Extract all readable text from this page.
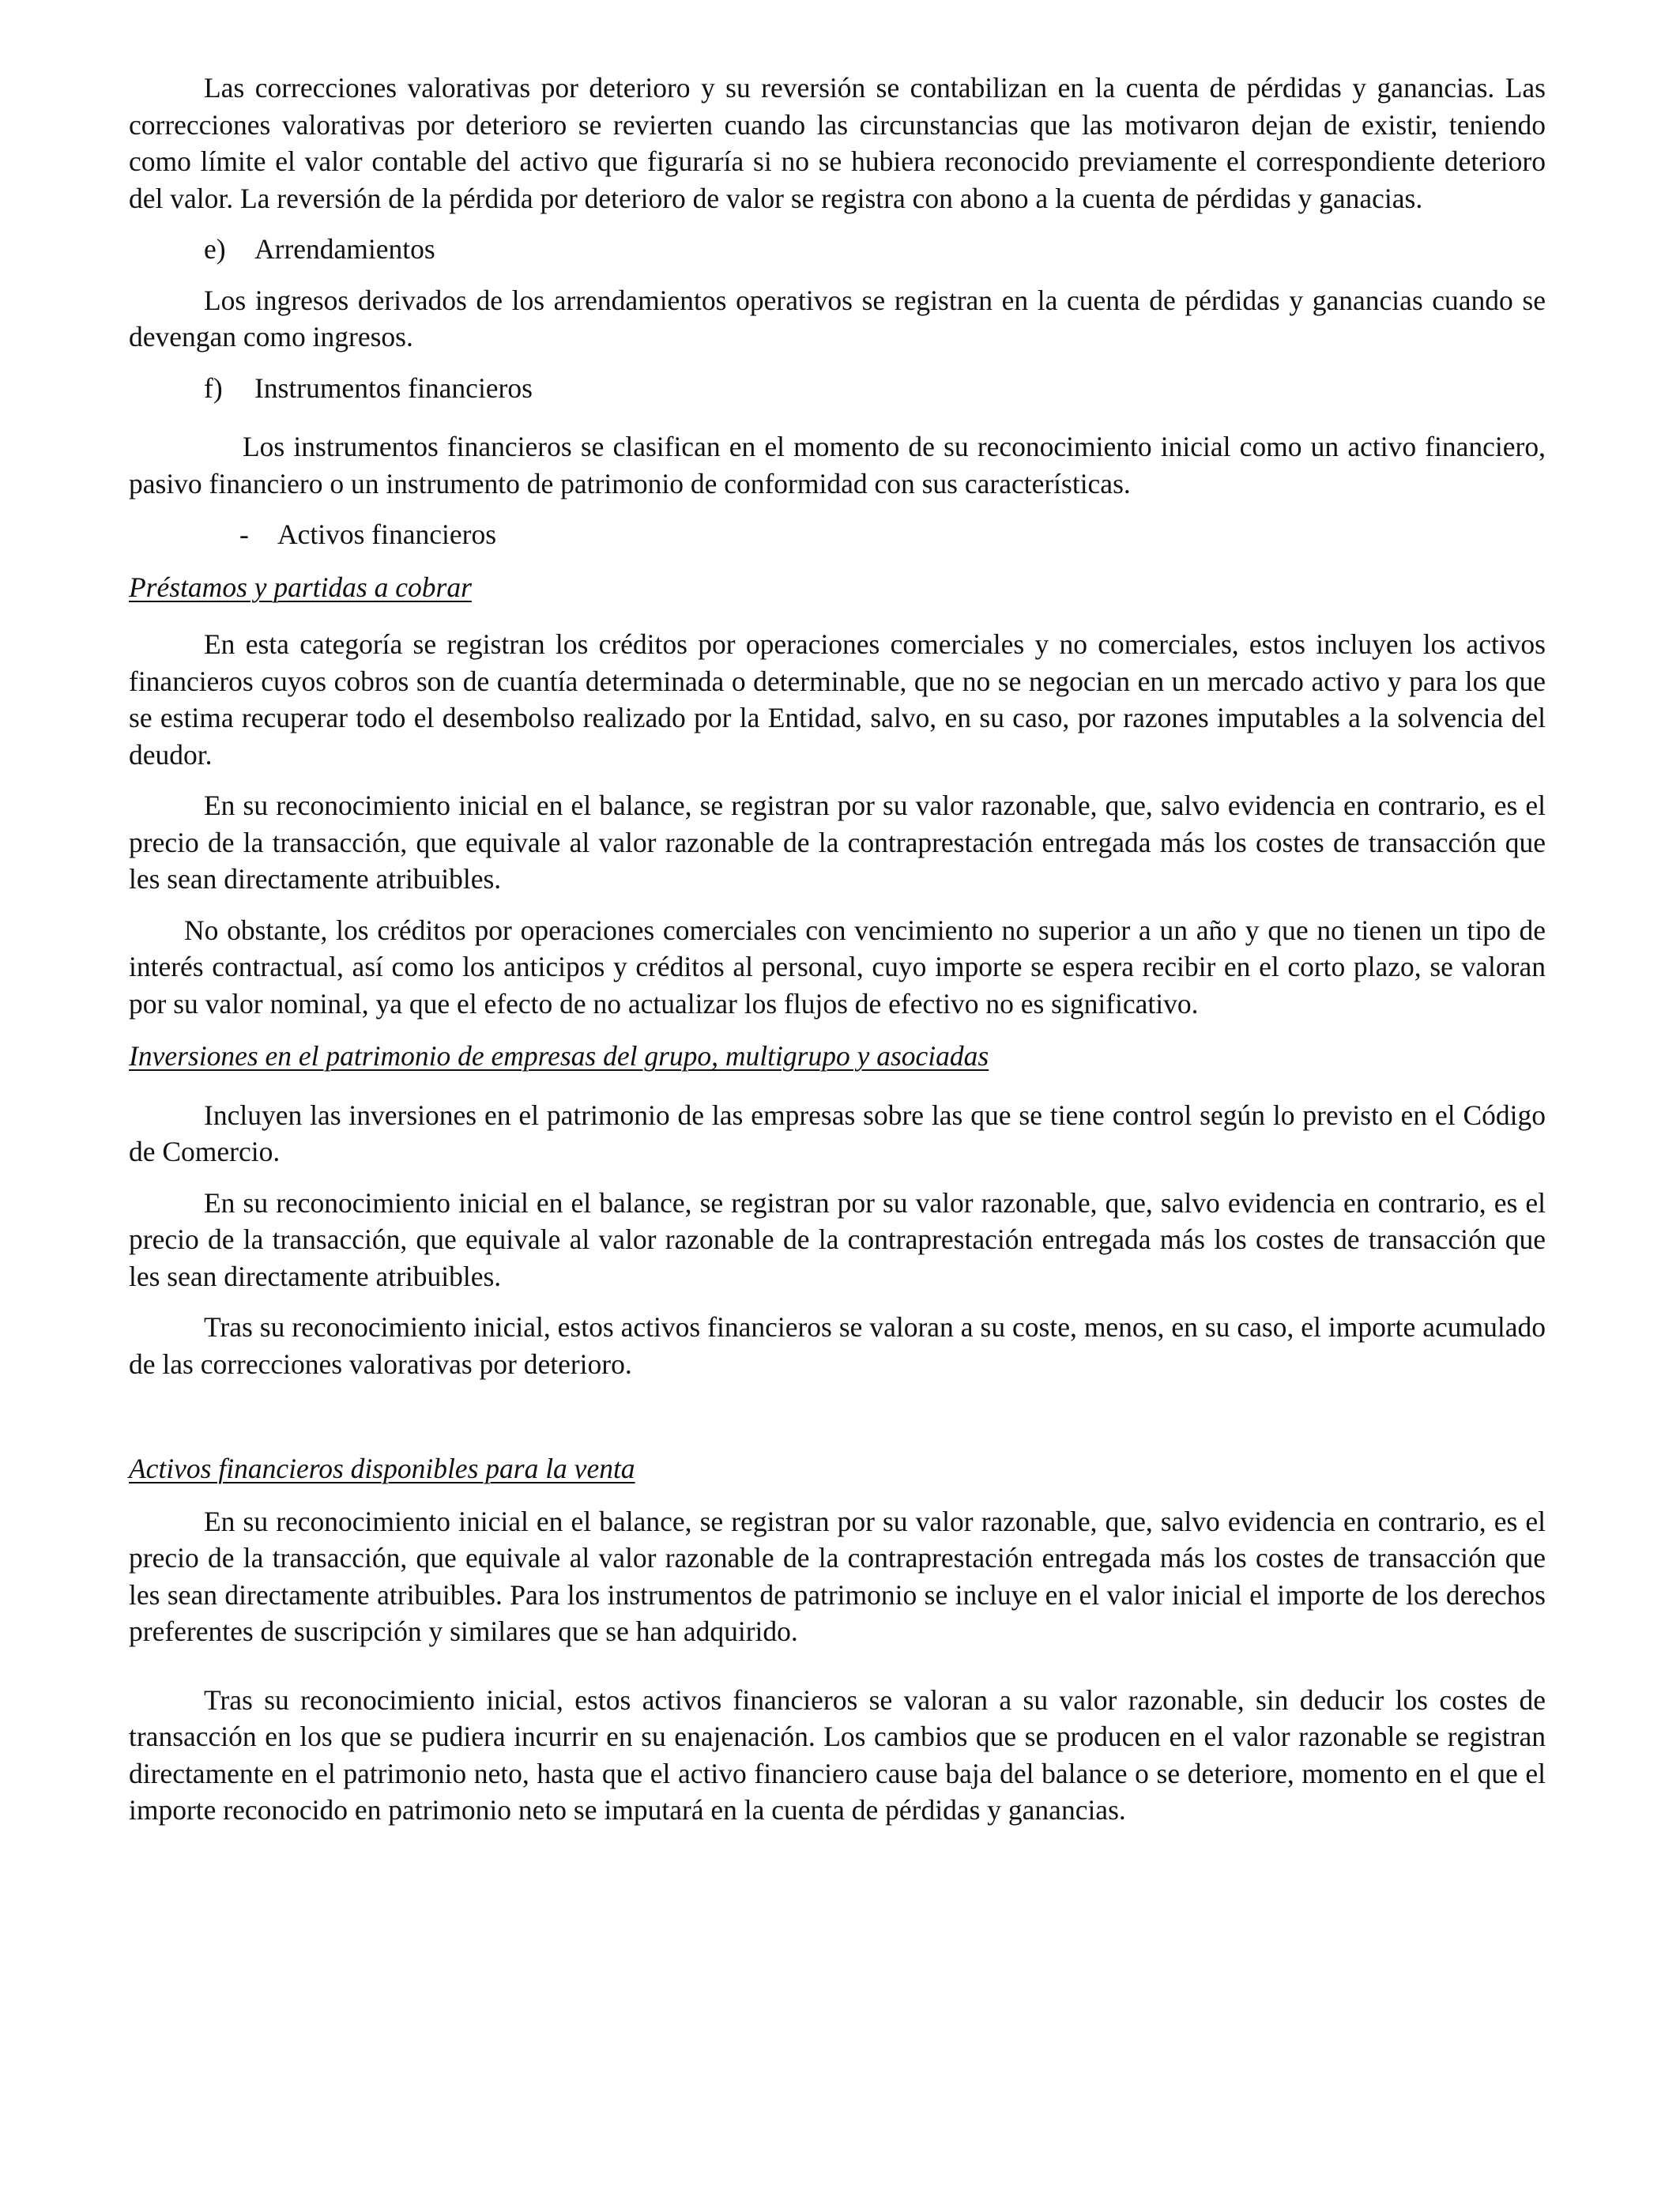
Las correcciones valorativas por deterioro y su reversión se contabilizan en la cuenta de pérdidas y ganancias. Las correcciones valorativas por deterioro se revierten cuando las circunstancias que las motivaron dejan de existir, teniendo como límite el valor contable del activo que figuraría si no se hubiera reconocido previamente el correspondiente deterioro del valor. La reversión de la pérdida por deterioro de valor se registra con abono a la cuenta de pérdidas y ganacias.

e) Arrendamientos

Los ingresos derivados de los arrendamientos operativos se registran en la cuenta de pérdidas y ganancias cuando se devengan como ingresos.

f) Instrumentos financieros

Los instrumentos financieros se clasifican en el momento de su reconocimiento inicial como un activo financiero, pasivo financiero o un instrumento de patrimonio de conformidad con sus características.

- Activos financieros

Préstamos y partidas a cobrar

En esta categoría se registran los créditos por operaciones comerciales y no comerciales, estos incluyen los activos financieros cuyos cobros son de cuantía determinada o determinable, que no se negocian en un mercado activo y para los que se estima recuperar todo el desembolso realizado por la Entidad, salvo, en su caso, por razones imputables a la solvencia del deudor.

En su reconocimiento inicial en el balance, se registran por su valor razonable, que, salvo evidencia en contrario, es el precio de la transacción, que equivale al valor razonable de la contraprestación entregada más los costes de transacción que les sean directamente atribuibles.

No obstante, los créditos por operaciones comerciales con vencimiento no superior a un año y que no tienen un tipo de interés contractual, así como los anticipos y créditos al personal, cuyo importe se espera recibir en el corto plazo, se valoran por su valor nominal, ya que el efecto de no actualizar los flujos de efectivo no es significativo.

Inversiones en el patrimonio de empresas del grupo, multigrupo y asociadas

Incluyen las inversiones en el patrimonio de las empresas sobre las que se tiene control según lo previsto en el Código de Comercio.

En su reconocimiento inicial en el balance, se registran por su valor razonable, que, salvo evidencia en contrario, es el precio de la transacción, que equivale al valor razonable de la contraprestación entregada más los costes de transacción que les sean directamente atribuibles.

Tras su reconocimiento inicial, estos activos financieros se valoran a su coste, menos, en su caso, el importe acumulado de las correcciones valorativas por deterioro.

Activos financieros disponibles para la venta

En su reconocimiento inicial en el balance, se registran por su valor razonable, que, salvo evidencia en contrario, es el precio de la transacción, que equivale al valor razonable de la contraprestación entregada más los costes de transacción que les sean directamente atribuibles. Para los instrumentos de patrimonio se incluye en el valor inicial el importe de los derechos preferentes de suscripción y similares que se han adquirido.

Tras su reconocimiento inicial, estos activos financieros se valoran a su valor razonable, sin deducir los costes de transacción en los que se pudiera incurrir en su enajenación. Los cambios que se producen en el valor razonable se registran directamente en el patrimonio neto, hasta que el activo financiero cause baja del balance o se deteriore, momento en el que el importe reconocido en patrimonio neto se imputará en la cuenta de pérdidas y ganancias.
